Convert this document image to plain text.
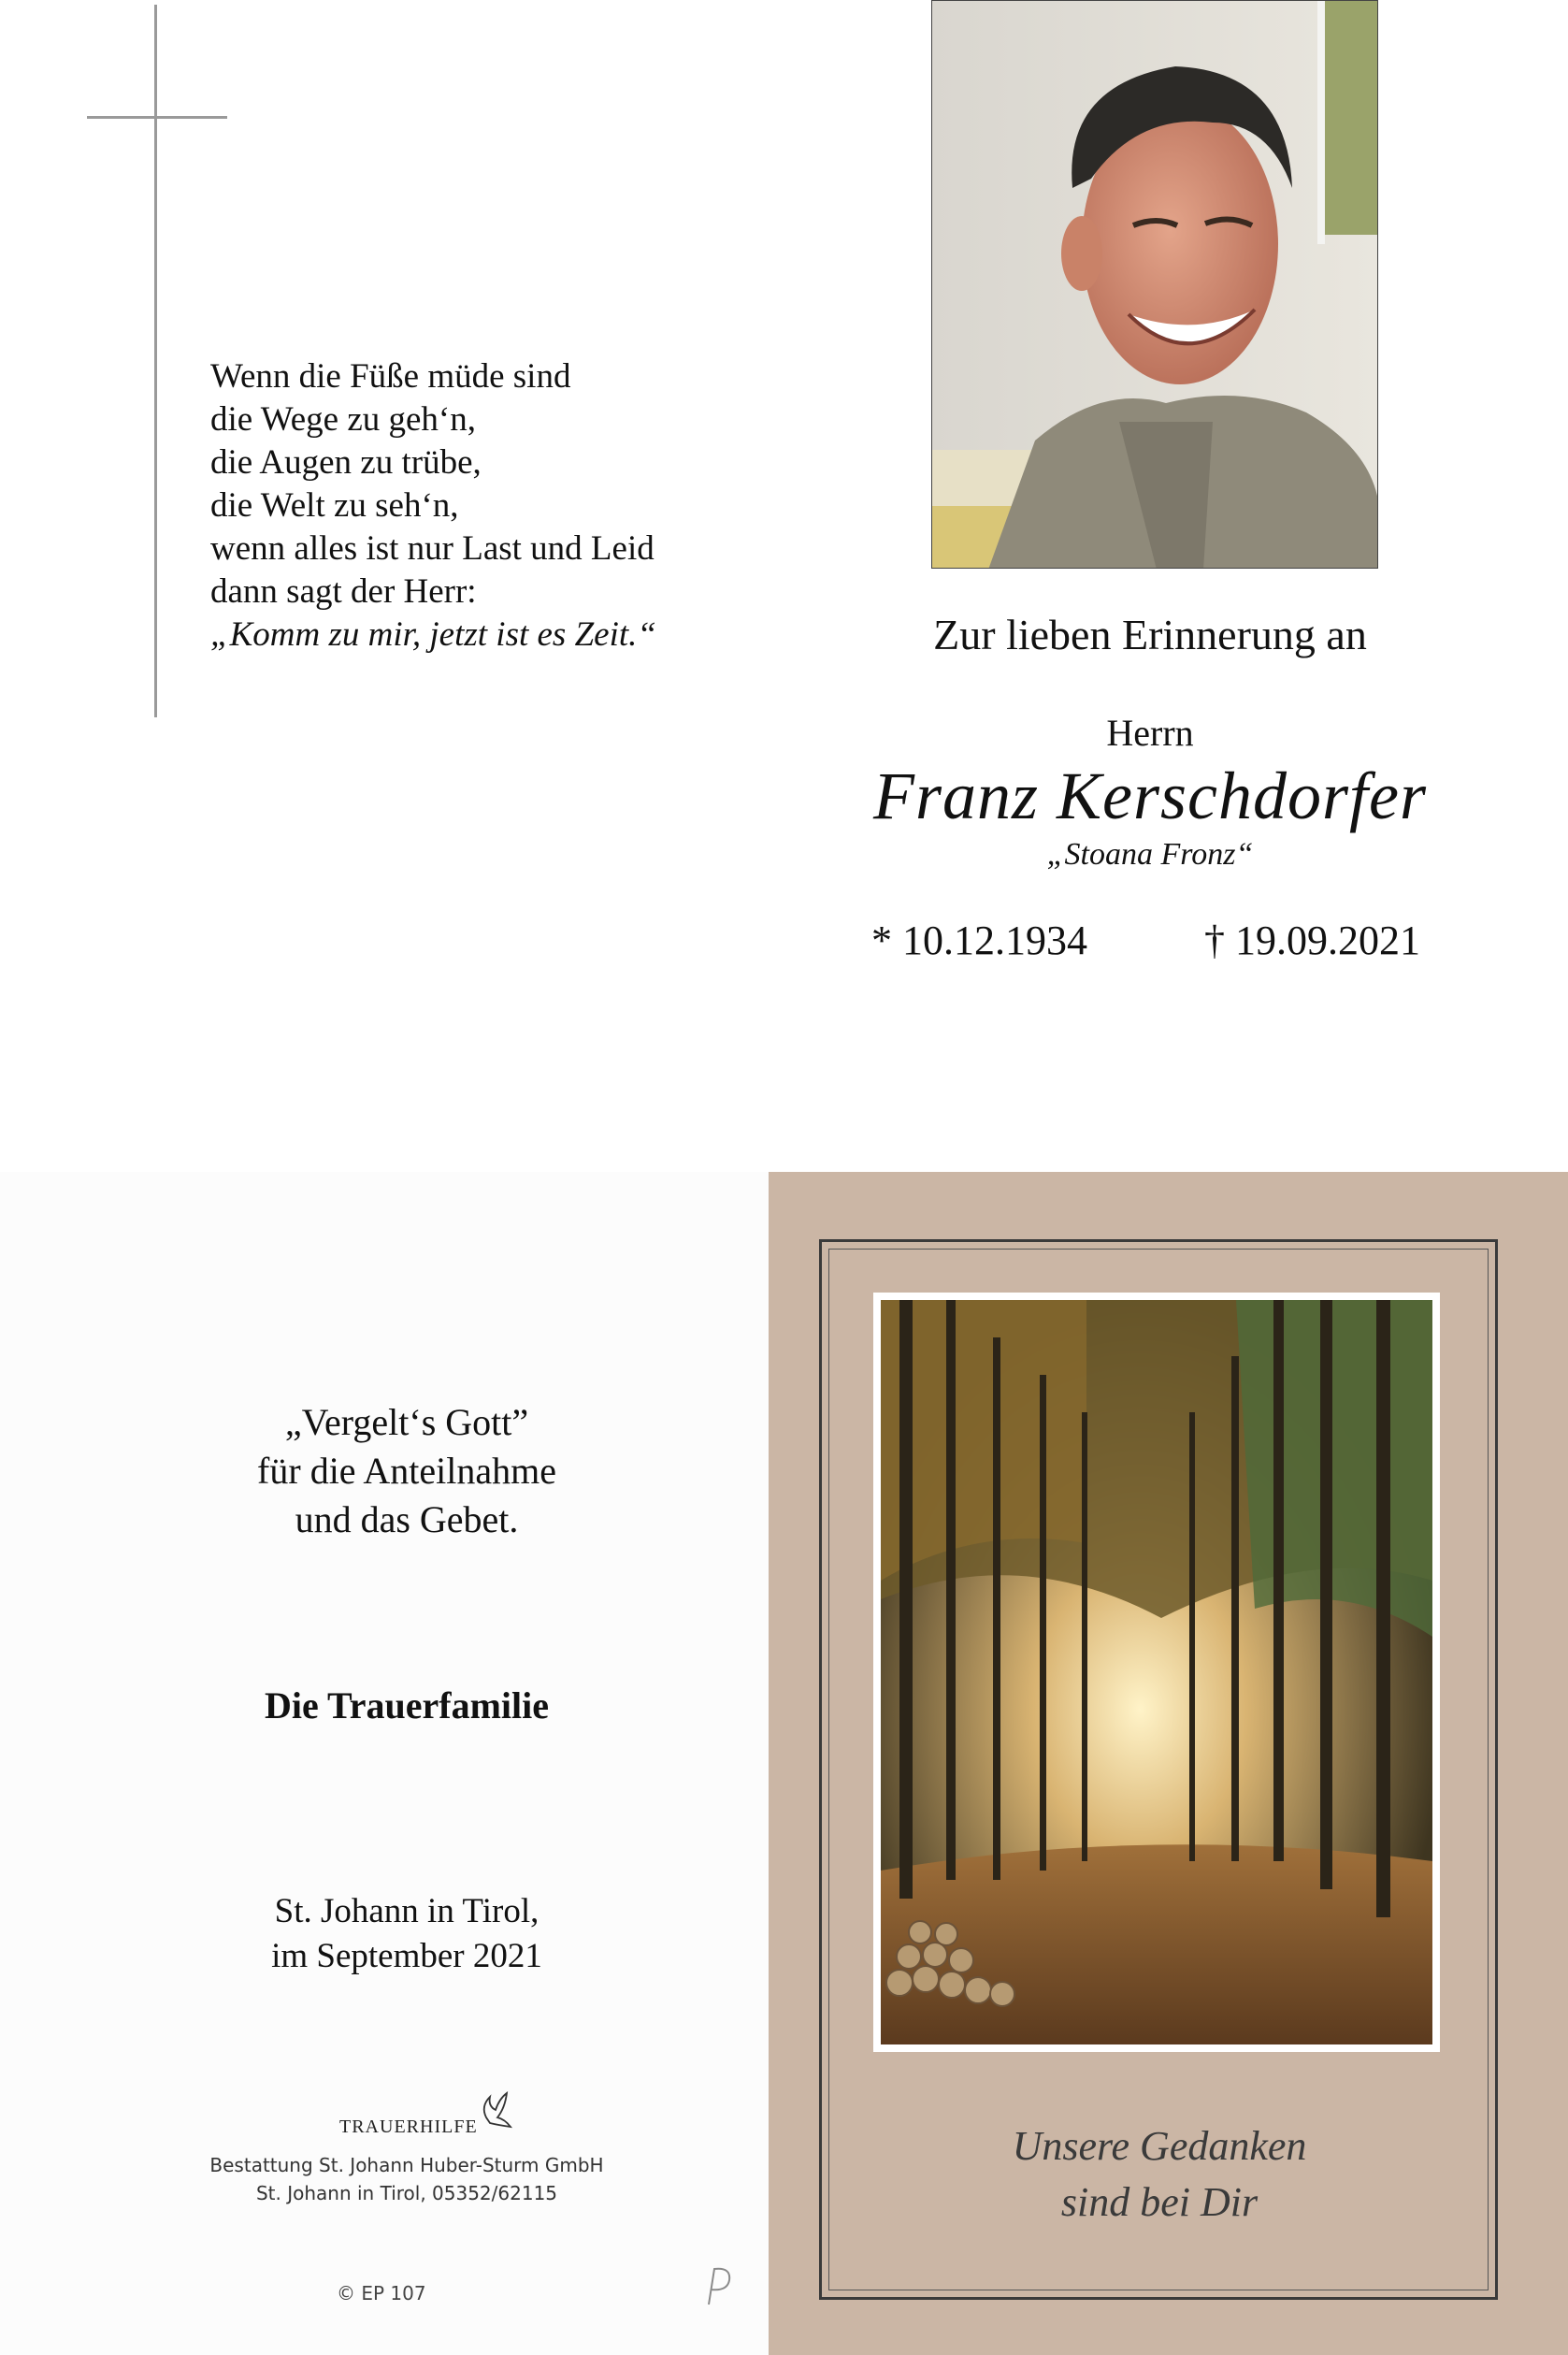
Wenn die Füße müde sind
die Wege zu geh‘n,
die Augen zu trübe,
die Welt zu seh‘n,
wenn alles ist nur Last und Leid
dann sagt der Herr:
„Komm zu mir, jetzt ist es Zeit.“	Zur lieben Erinnerung an
Herrn
Franz Kerschdorfer
„Stoana Fronz“
* 10.12.1934	† 19.09.2021
„Vergelt‘s Gott”
für die Anteilnahme
und das Gebet.
Die Trauerfamilie
St. Johann in Tirol,
im September 2021
TRAUERHILFE
Bestattung St. Johann Huber-Sturm GmbH
St. Johann in Tirol, 05352/62115
© EP 107
Unsere Gedanken
sind bei Dir
